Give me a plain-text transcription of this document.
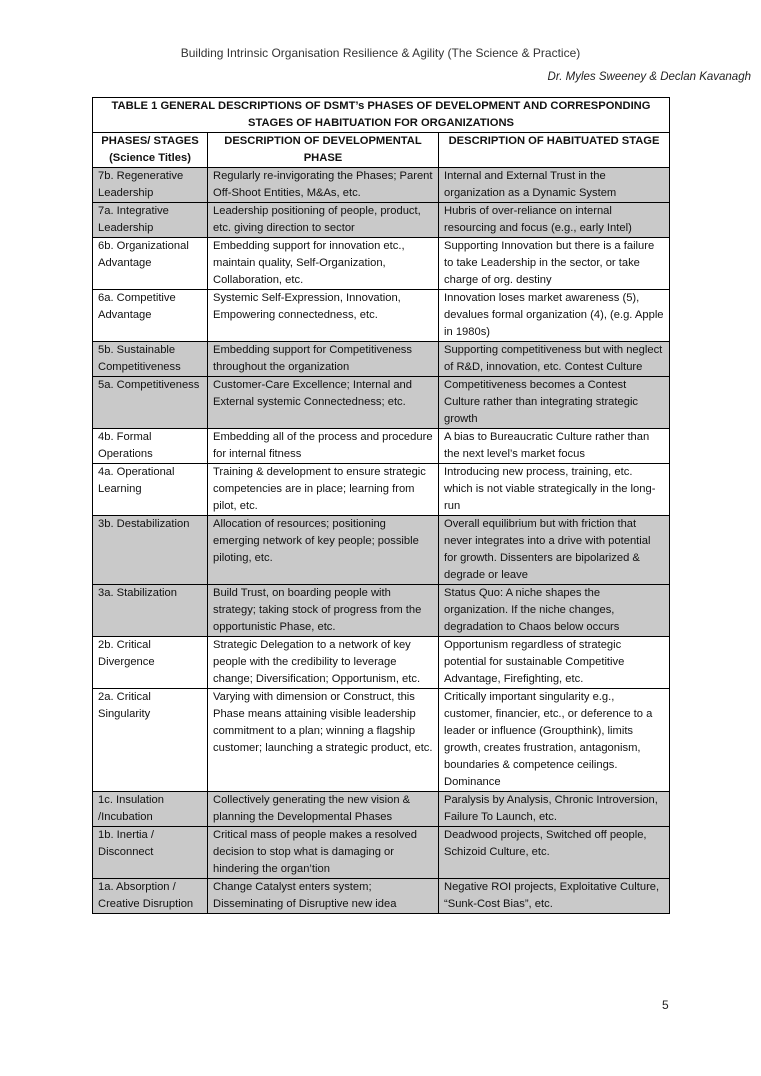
Building Intrinsic Organisation Resilience & Agility (The Science & Practice)
Dr. Myles Sweeney & Declan Kavanagh
TABLE 1 GENERAL DESCRIPTIONS OF DSMT’s PHASES OF DEVELOPMENT AND CORRESPONDING STAGES OF HABITUATION FOR ORGANIZATIONS		
PHASES/ STAGES (Science Titles)	DESCRIPTION OF DEVELOPMENTAL PHASE	DESCRIPTION OF HABITUATED STAGE
7b. Regenerative Leadership	Regularly re-invigorating the Phases; Parent Off-Shoot Entities, M&As, etc.	Internal and External Trust in the organization as a Dynamic System
7a. Integrative Leadership	Leadership positioning of people, product, etc. giving direction to sector	Hubris of over-reliance on internal resourcing and focus (e.g., early Intel)
6b. Organizational Advantage	Embedding support for innovation etc., maintain quality, Self-Organization, Collaboration, etc.	Supporting Innovation but there is a failure to take Leadership in the sector, or take charge of org. destiny
6a. Competitive Advantage	Systemic Self-Expression, Innovation, Empowering connectedness, etc.	Innovation loses market awareness (5), devalues formal organization (4), (e.g. Apple in 1980s)
5b. Sustainable Competitiveness	Embedding support for Competitiveness throughout the organization	Supporting competitiveness but with neglect of R&D, innovation, etc. Contest Culture
5a. Competitiveness	Customer-Care Excellence; Internal and External systemic Connectedness; etc.	Competitiveness becomes a Contest Culture rather than integrating strategic growth
4b. Formal Operations	Embedding all of the process and procedure for internal fitness	A bias to Bureaucratic Culture rather than the next level’s market focus
4a. Operational Learning	Training & development to ensure strategic competencies are in place; learning from pilot, etc.	Introducing new process, training, etc. which is not viable strategically in the long-run
3b. Destabilization	Allocation of resources; positioning emerging network of key people; possible piloting, etc.	Overall equilibrium but with friction that never integrates into a drive with potential for growth. Dissenters are bipolarized & degrade or leave
3a. Stabilization	Build Trust, on boarding people with strategy; taking stock of progress from the opportunistic Phase, etc.	Status Quo: A niche shapes the organization. If the niche changes, degradation to Chaos below occurs
2b. Critical Divergence	Strategic Delegation to a network of key people with the credibility to leverage change; Diversification; Opportunism, etc.	Opportunism regardless of strategic potential for sustainable Competitive Advantage, Firefighting, etc.
2a. Critical Singularity	Varying with dimension or Construct, this Phase means attaining visible leadership commitment to a plan; winning a flagship customer; launching a strategic product, etc.	Critically important singularity e.g., customer, financier, etc., or deference to a leader or influence (Groupthink), limits growth, creates frustration, antagonism, boundaries & competence ceilings. Dominance
1c. Insulation /Incubation	Collectively generating the new vision & planning the Developmental Phases	Paralysis by Analysis, Chronic Introversion, Failure To Launch, etc.
1b. Inertia / Disconnect	Critical mass of people makes a resolved decision to stop what is damaging or hindering the organ’tion	Deadwood projects, Switched off people, Schizoid Culture, etc.
1a. Absorption / Creative Disruption	Change Catalyst enters system; Disseminating of Disruptive new idea	Negative ROI projects, Exploitative Culture, “Sunk-Cost Bias”, etc.
5
